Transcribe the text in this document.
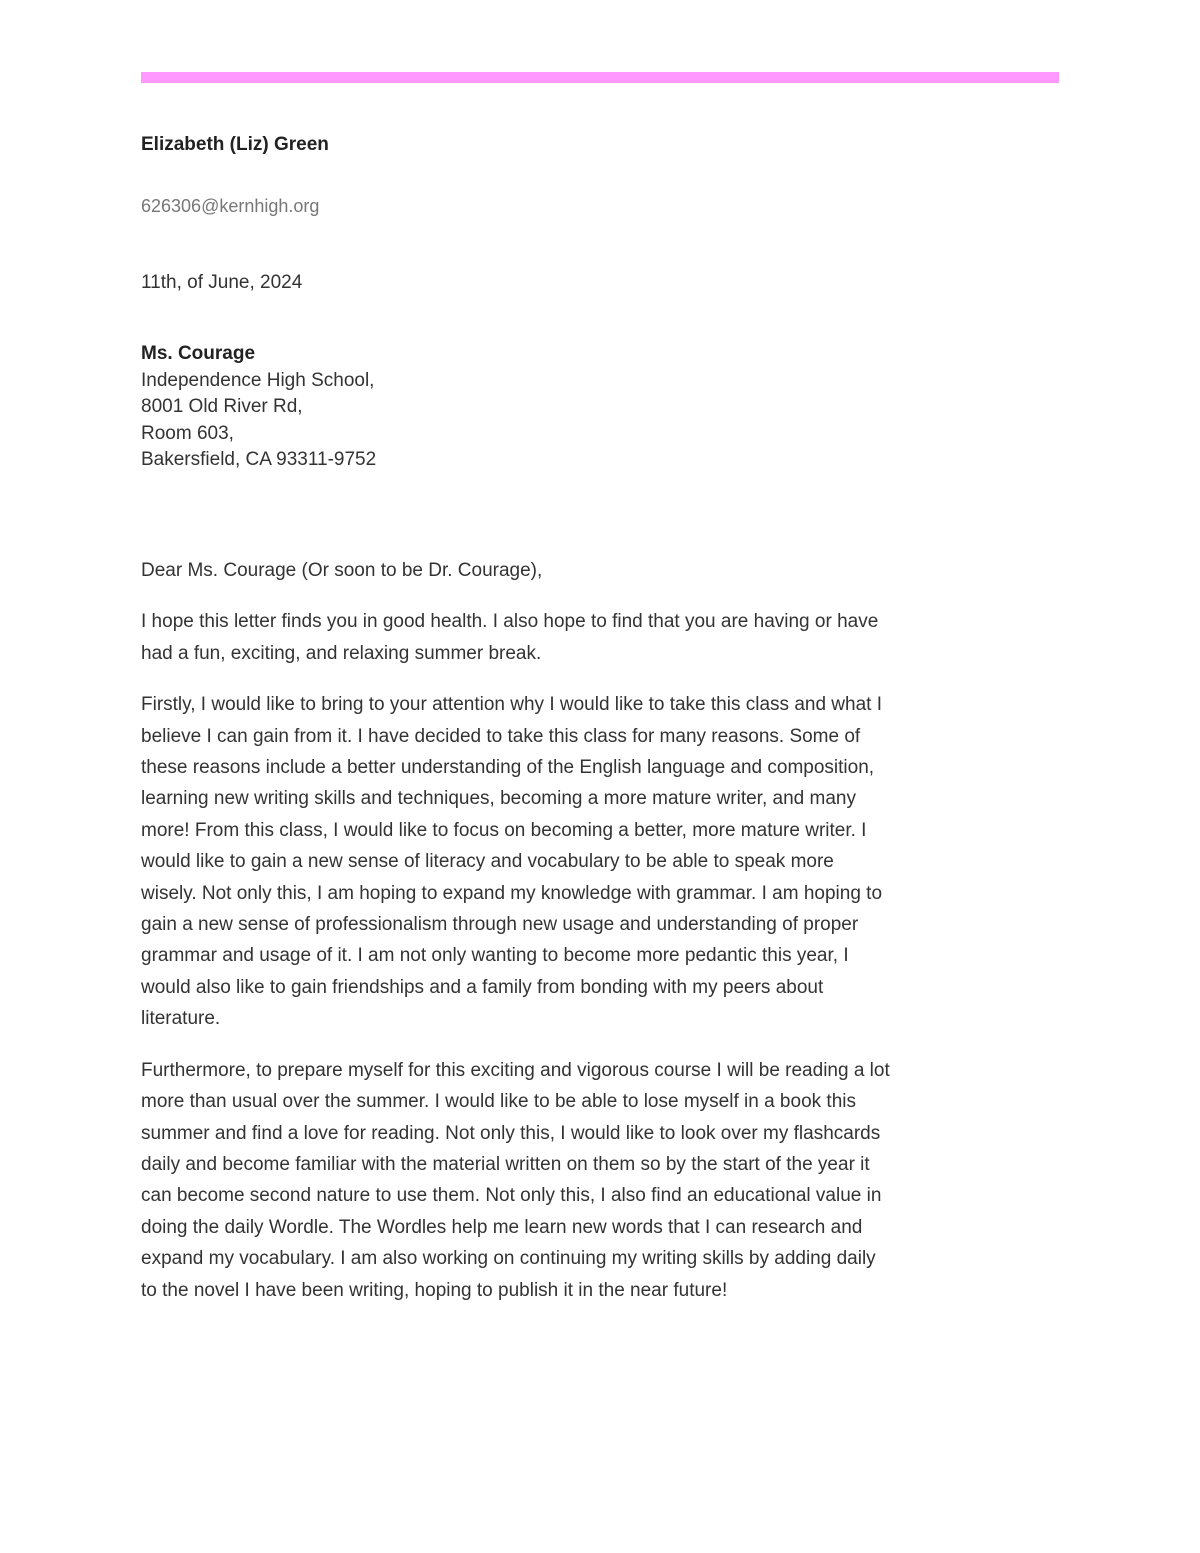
Elizabeth (Liz) Green
626306@kernhigh.org
11th, of June, 2024
Ms. Courage
Independence High School,
8001 Old River Rd,
Room 603,
Bakersfield, CA 93311-9752

Dear Ms. Courage (Or soon to be Dr. Courage),

I hope this letter finds you in good health. I also hope to find that you are having or have had a fun, exciting, and relaxing summer break.

Firstly, I would like to bring to your attention why I would like to take this class and what I believe I can gain from it. I have decided to take this class for many reasons. Some of these reasons include a better understanding of the English language and composition, learning new writing skills and techniques, becoming a more mature writer, and many more! From this class, I would like to focus on becoming a better, more mature writer. I would like to gain a new sense of literacy and vocabulary to be able to speak more wisely. Not only this, I am hoping to expand my knowledge with grammar. I am hoping to gain a new sense of professionalism through new usage and understanding of proper grammar and usage of it. I am not only wanting to become more pedantic this year, I would also like to gain friendships and a family from bonding with my peers about literature.

Furthermore, to prepare myself for this exciting and vigorous course I will be reading a lot more than usual over the summer. I would like to be able to lose myself in a book this summer and find a love for reading. Not only this, I would like to look over my flashcards daily and become familiar with the material written on them so by the start of the year it can become second nature to use them. Not only this, I also find an educational value in doing the daily Wordle. The Wordles help me learn new words that I can research and expand my vocabulary. I am also working on continuing my writing skills by adding daily to the novel I have been writing, hoping to publish it in the near future!
